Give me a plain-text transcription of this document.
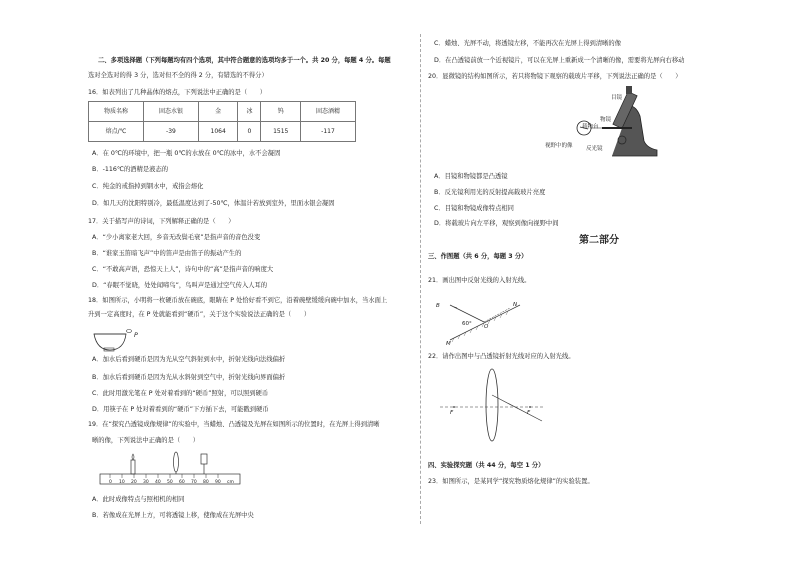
二、多项选择题（下列每题均有四个选项，其中符合题意的选项均多于一个。共 20 分，每题 4 分。每题
选对全选对的得 3 分，选对但不全的得 2 分，有错选的不得分）
16．如表列出了几种晶体的熔点，下列说法中正确的是（　　）
物质名称	固态水银	金	冰	钨	固态酒精
熔点/℃	-39	1064	0	1515	-117
A．在 0℃的环境中，把一瓶 0℃的水放在 0℃的冰中，水不会凝固
B．-116℃的酒精是液态的
C．纯金的戒指掉到钢水中，戒指会熔化
D．如几天的沈阳特别冷，最低温度达到了-50℃，体温计若放到室外，里面水银会凝固
17．关于描写声的诗词，下列解释正确的是（　　）
A．“少小离家老大回，乡音无改鬓毛衰”是指声音的音色没变
B．“谁家玉笛暗飞声”中的笛声是由笛子的振动产生的
C．“不敢高声语，恐惊天上人”，诗句中的“高”是指声音的响度大
D．“春眠不觉晓，处处闻啼鸟”，鸟叫声是通过空气传入人耳的
18．如图所示，小明将一枚硬币放在碗底，眼睛在 P 处恰好看不到它，沿着碗壁缓缓向碗中加水，当水面上
升到一定高度时，在 P 处就能看到“硬币”，关于这个实验说法正确的是（　　）
P
A．加水后看到硬币是因为光从空气斜射到水中，折射光线向法线偏折
B．加水后看到硬币是因为光从水斜射到空气中，折射光线向界面偏折
C．此时用激光笔在 P 处对着看到的“硬币”照射，可以照到硬币
D．用筷子在 P 处对着看到的“硬币”下方插下去，可能戳到硬币
19．在“探究凸透镜成像规律”的实验中，当蜡烛、凸透镜及光屏在如图所示的位置时，在光屏上得到清晰
晰的像，下列说法中正确的是（　　）
0 10 20 30 40 50 60 70 80 90 cm
A．此时成像特点与照相机的相同
B．若像成在光屏上方，可将透镜上移，使像成在光屏中央
C．蜡烛、光屏不动，将透镜左移，不能再次在光屏上得到清晰的像
D．在凸透镜前放一个近视镜片，可以在光屏上重新成一个清晰的像，需要将光屏向右移动
20．显微镜的结构如图所示，若只将物镜下观察的载玻片平移，下列说法正确的是（　　）
目镜
载物台
物镜
反光镜
视野中的像
A．目镜和物镜都是凸透镜
B．反光镜利用光的反射提高载玻片亮度
C．目镜和物镜成像特点相同
D．将载玻片向左平移，观察到像向视野中间
第二部分
三、作图题（共 6 分，每题 3 分）
21．画出图中反射光线的入射光线。
B	N
60° O
M
22．请作出图中与凸透镜折射光线对应的入射光线。
F	F
四、实验探究题（共 44 分，每空 1 分）
23．如图所示，是某同学“探究物质熔化规律”的实验装置。
